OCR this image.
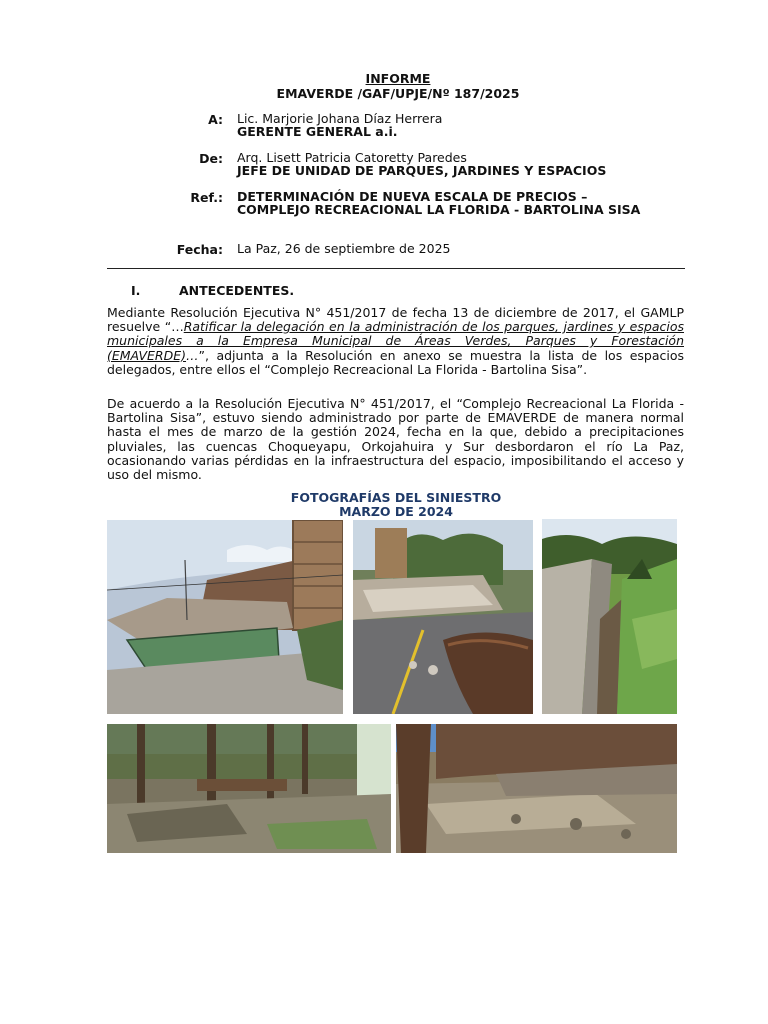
INFORME
EMAVERDE /GAF/UPJE/Nº 187/2025
A: Lic. Marjorie Johana Díaz Herrera
GERENTE GENERAL a.i.
De: Arq. Lisett Patricia Catoretty Paredes
JEFE DE UNIDAD DE PARQUES, JARDINES Y ESPACIOS
Ref.: DETERMINACIÓN DE NUEVA ESCALA DE PRECIOS – COMPLEJO RECREACIONAL LA FLORIDA - BARTOLINA SISA
Fecha: La Paz, 26 de septiembre de 2025
I.	ANTECEDENTES.
Mediante Resolución Ejecutiva N° 451/2017 de fecha 13 de diciembre de 2017, el GAMLP resuelve “…Ratificar la delegación en la administración de los parques, jardines y espacios municipales a la Empresa Municipal de Áreas Verdes, Parques y Forestación (EMAVERDE)…”, adjunta a la Resolución en anexo se muestra la lista de los espacios delegados, entre ellos el “Complejo Recreacional La Florida - Bartolina Sisa”.
De acuerdo a la Resolución Ejecutiva N° 451/2017, el “Complejo Recreacional La Florida - Bartolina Sisa”, estuvo siendo administrado por parte de EMAVERDE de manera normal hasta el mes de marzo de la gestión 2024, fecha en la que, debido a precipitaciones pluviales, las cuencas Choqueyapu, Orkojahuira y Sur desbordaron el río La Paz, ocasionando varias pérdidas en la infraestructura del espacio, imposibilitando el acceso y uso del mismo.
FOTOGRAFÍAS DEL SINIESTRO
MARZO DE 2024
